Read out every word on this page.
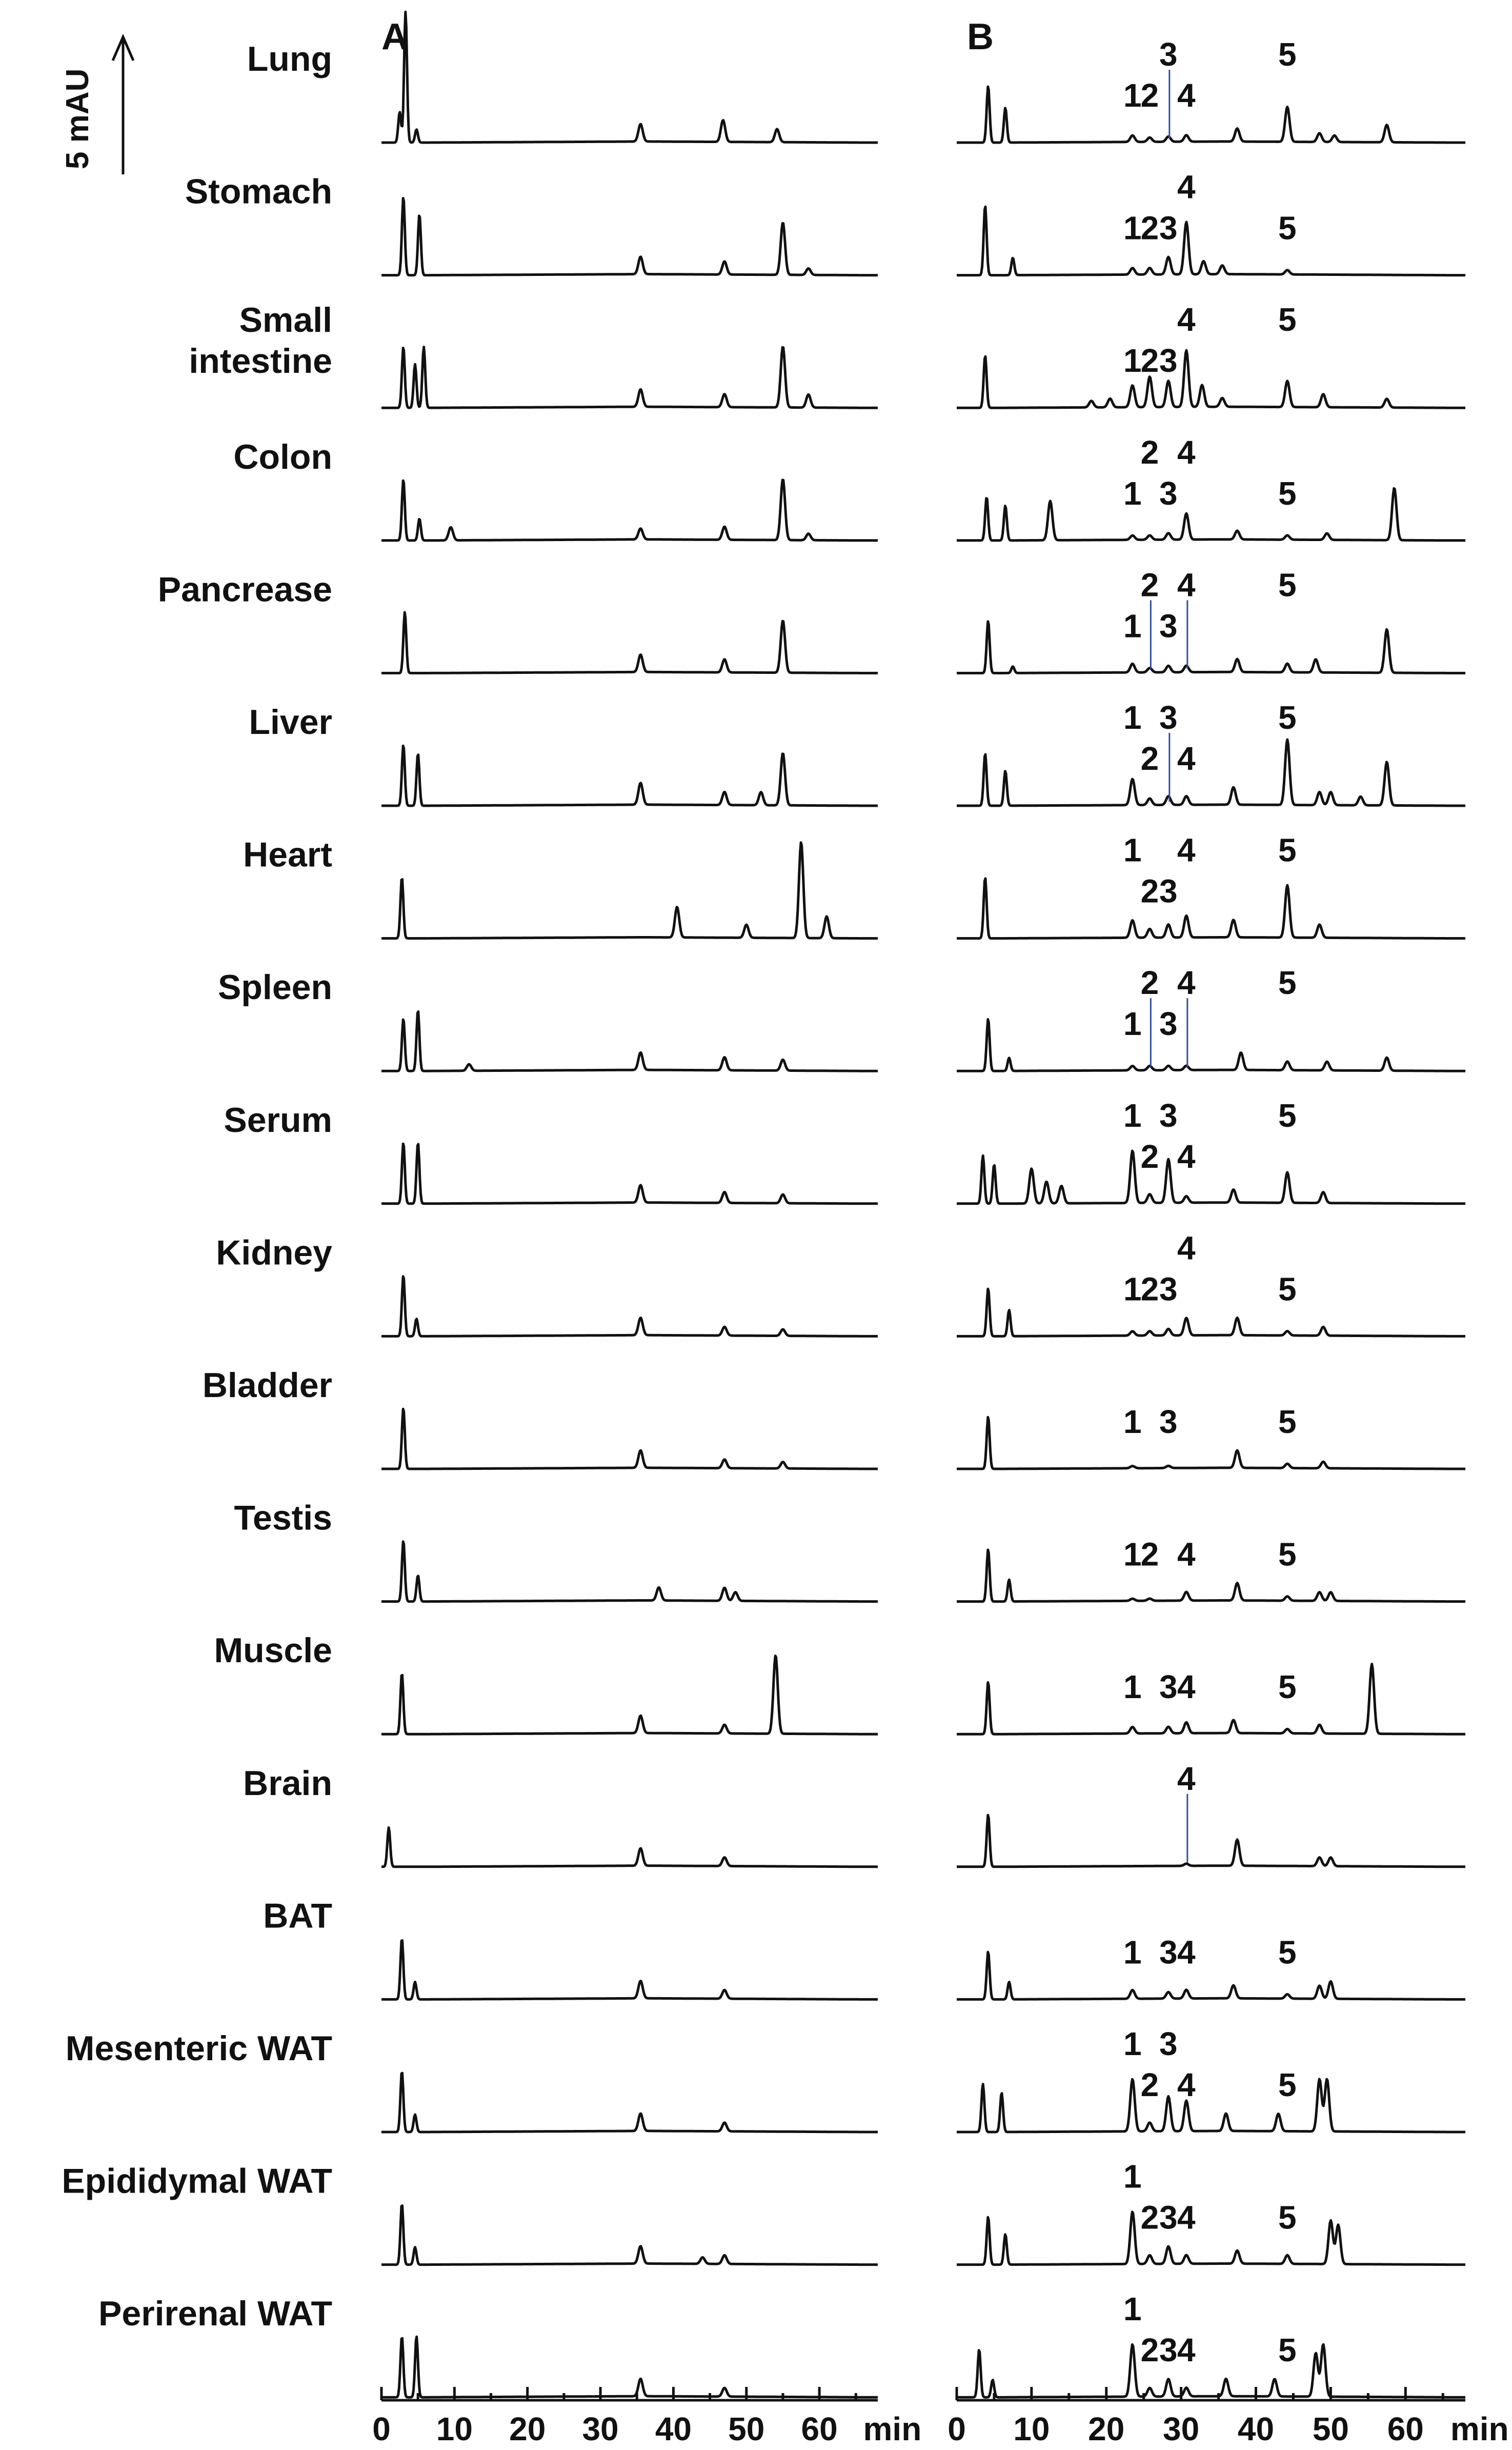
5 mAU
A	B
Lung
1
2
3
4
5
Stomach
1
2 3
4
5
Small intestine	1
2 3
4	5
Colon
1
2
3
4
5
Pancrease
1
2
3
4	5
Liver	1
2
3
4
5
Heart	1
2 3
4	5
Spleen
1
2
3
4	5
Serum	1
2
3
4
5
Kidney
1
2 3
4
5
Bladder
1 3	5
Testis
1
2 4	5
Muscle
1 3 4	5
Brain	4
BAT
1 3 4	5
Mesenteric WAT	1
2
3
4	5
Epididymal WAT	1
2 3 4	5
Perirenal WAT	1
2 3 4	5
0 10 20 30 40 50 60 min 0 10 20 30 40 50 60 min
